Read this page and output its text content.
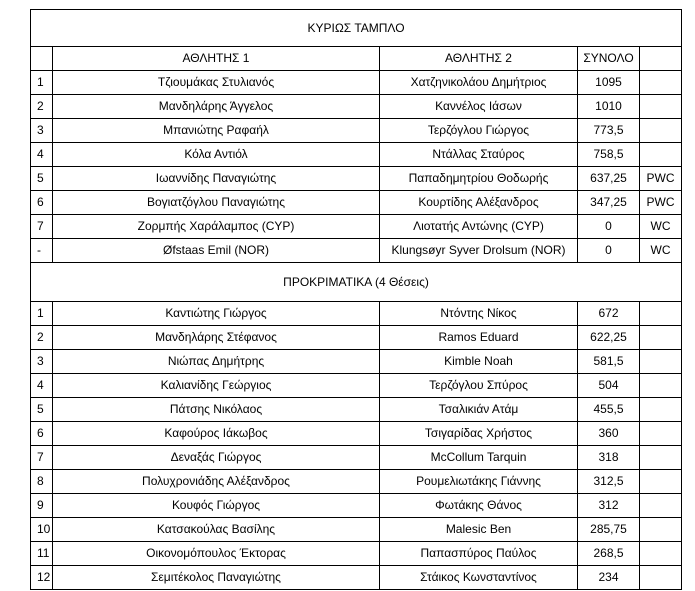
ΚΥΡΙΩΣ ΤΑΜΠΛΟ				
	ΑΘΛΗΤΗΣ 1	ΑΘΛΗΤΗΣ 2	ΣΥΝΟΛΟ	
1	Τζιουμάκας Στυλιανός	Χατζηνικολάου Δημήτριος	1095	
2	Μανδηλάρης Άγγελος	Καννέλος Ιάσων	1010	
3	Μπανιώτης Ραφαήλ	Τερζόγλου Γιώργος	773,5	
4	Κόλα Αντιόλ	Ντάλλας Σταύρος	758,5	
5	Ιωαννίδης Παναγιώτης	Παπαδημητρίου Θοδωρής	637,25	PWC
6	Βογιατζόγλου Παναγιώτης	Κουρτίδης Αλέξανδρος	347,25	PWC
7	Ζορμπής Χαράλαμπος (CYP)	Λιοτατής Αντώνης (CYP)	0	WC
-	Øfstaas Emil (NOR)	Klungsøyr Syver Drolsum (NOR)	0	WC
ΠΡΟΚΡΙΜΑΤΙΚΑ (4 Θέσεις)				
1	Καντιώτης Γιώργος	Ντόντης Νίκος	672	
2	Μανδηλάρης Στέφανος	Ramos Eduard	622,25	
3	Νιώπας Δημήτρης	Kimble Noah	581,5	
4	Καλιανίδης Γεώργιος	Τερζόγλου Σπύρος	504	
5	Πάτσης Νικόλαος	Τσαλικιάν Ατάμ	455,5	
6	Καφούρος Ιάκωβος	Τσιγαρίδας Χρήστος	360	
7	Δεναξάς Γιώργος	McCollum Tarquin	318	
8	Πολυχρονιάδης Αλέξανδρος	Ρουμελιωτάκης Γιάννης	312,5	
9	Κουφός Γιώργος	Φωτάκης Θάνος	312	
10	Κατσακούλας Βασίλης	Malesic Ben	285,75	
11	Οικονομόπουλος Έκτορας	Παπασπύρος Παύλος	268,5	
12	Σεμιτέκολος Παναγιώτης	Στάικος Κωνσταντίνος	234	
